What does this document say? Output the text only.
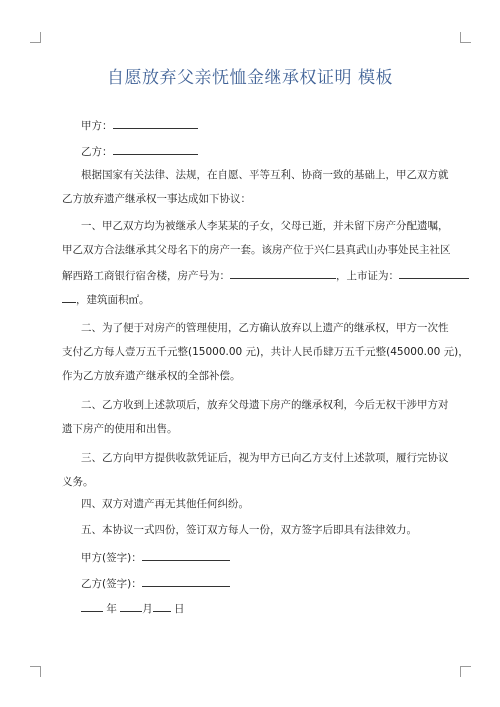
自愿放弃父亲怃恤金继承权证明 模板
甲方：
乙方：
根据国家有关法律、法规，在自愿、平等互利、协商一致的基础上，甲乙双方就
乙方放弃遗产继承权一事达成如下协议：
一、甲乙双方均为被继承人李某某的子女，父母已逝，并未留下房产分配遗嘱，
甲乙双方合法继承其父母名下的房产一套。该房产位于兴仁县真武山办事处民主社区
解西路工商银行宿舍楼，房产号为：	，上市证为：
，建筑面积㎡。
二、为了便于对房产的管理使用，乙方确认放弃以上遗产的继承权，甲方一次性
支付乙方每人壹万五千元整(15000.00 元)，共计人民币肆万五千元整(45000.00 元)，
作为乙方放弃遗产继承权的全部补偿。
二、乙方收到上述款项后，放弃父母遗下房产的继承权利，今后无权干涉甲方对
遗下房产的使用和出售。
三、乙方向甲方提供收款凭证后，视为甲方已向乙方支付上述款项，履行完协议
义务。
四、双方对遗产再无其他任何纠纷。
五、本协议一式四份，签订双方每人一份，双方签字后即具有法律效力。
甲方(签字)：
乙方(签字)：
年 月 日
